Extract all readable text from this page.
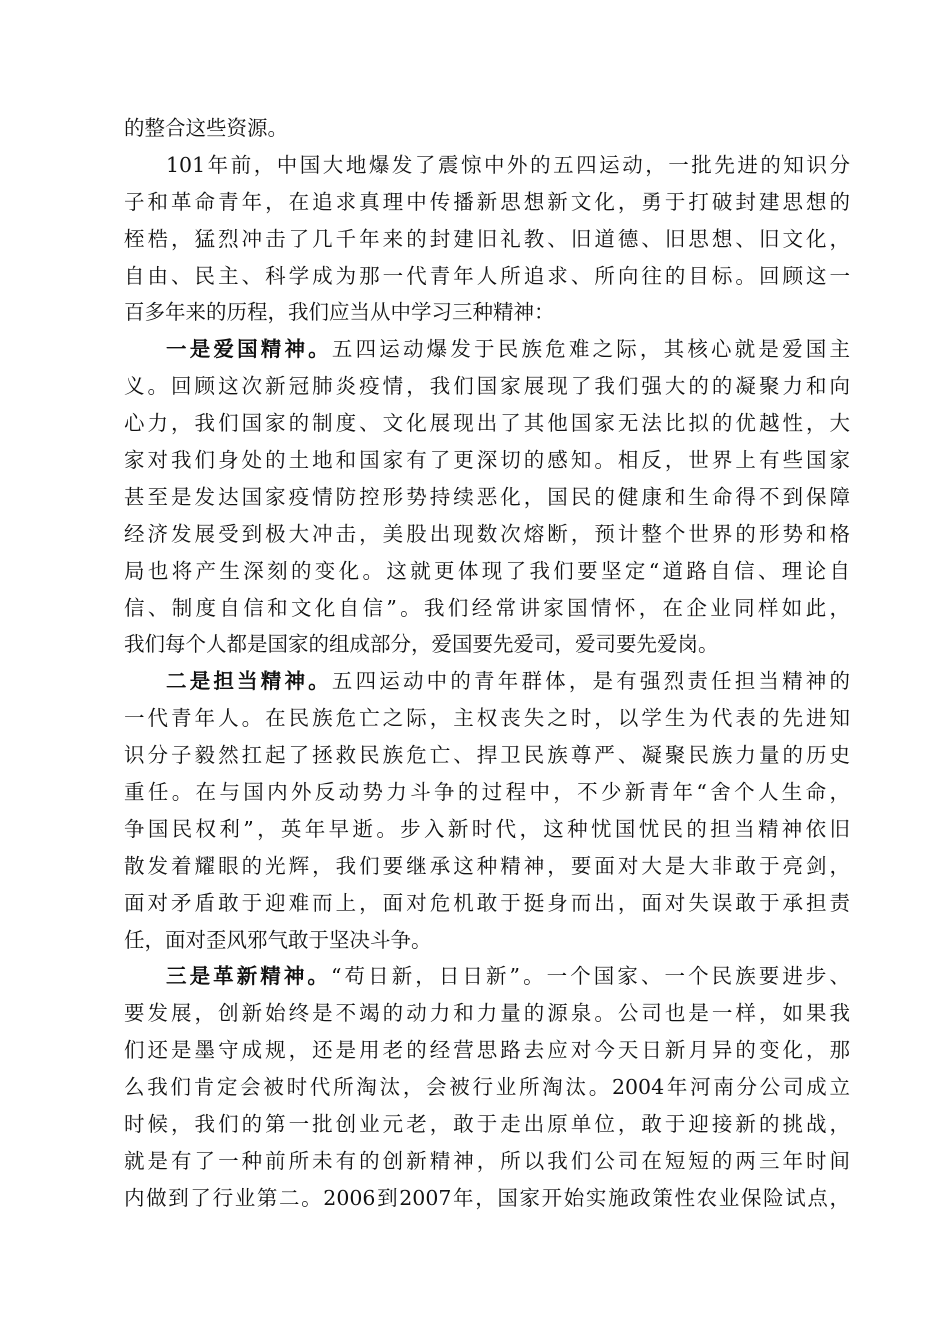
的整合这些资源。
101年前，中国大地爆发了震惊中外的五四运动，一批先进的知识分
子和革命青年，在追求真理中传播新思想新文化，勇于打破封建思想的
桎梏，猛烈冲击了几千年来的封建旧礼教、旧道德、旧思想、旧文化，
自由、民主、科学成为那一代青年人所追求、所向往的目标。回顾这一
百多年来的历程，我们应当从中学习三种精神：
一是爱国精神。五四运动爆发于民族危难之际，其核心就是爱国主
义。回顾这次新冠肺炎疫情，我们国家展现了我们强大的的凝聚力和向
心力，我们国家的制度、文化展现出了其他国家无法比拟的优越性，大
家对我们身处的土地和国家有了更深切的感知。相反，世界上有些国家
甚至是发达国家疫情防控形势持续恶化，国民的健康和生命得不到保障
经济发展受到极大冲击，美股出现数次熔断，预计整个世界的形势和格
局也将产生深刻的变化。这就更体现了我们要坚定“道路自信、理论自
信、制度自信和文化自信”。我们经常讲家国情怀，在企业同样如此，
我们每个人都是国家的组成部分，爱国要先爱司，爱司要先爱岗。
二是担当精神。五四运动中的青年群体，是有强烈责任担当精神的
一代青年人。在民族危亡之际，主权丧失之时，以学生为代表的先进知
识分子毅然扛起了拯救民族危亡、捍卫民族尊严、凝聚民族力量的历史
重任。在与国内外反动势力斗争的过程中，不少新青年“舍个人生命，
争国民权利”，英年早逝。步入新时代，这种忧国忧民的担当精神依旧
散发着耀眼的光辉，我们要继承这种精神，要面对大是大非敢于亮剑，
面对矛盾敢于迎难而上，面对危机敢于挺身而出，面对失误敢于承担责
任，面对歪风邪气敢于坚决斗争。
三是革新精神。“苟日新，日日新”。一个国家、一个民族要进步、
要发展，创新始终是不竭的动力和力量的源泉。公司也是一样，如果我
们还是墨守成规，还是用老的经营思路去应对今天日新月异的变化，那
么我们肯定会被时代所淘汰，会被行业所淘汰。2004年河南分公司成立
时候，我们的第一批创业元老，敢于走出原单位，敢于迎接新的挑战，
就是有了一种前所未有的创新精神，所以我们公司在短短的两三年时间
内做到了行业第二。2006到2007年，国家开始实施政策性农业保险试点，
